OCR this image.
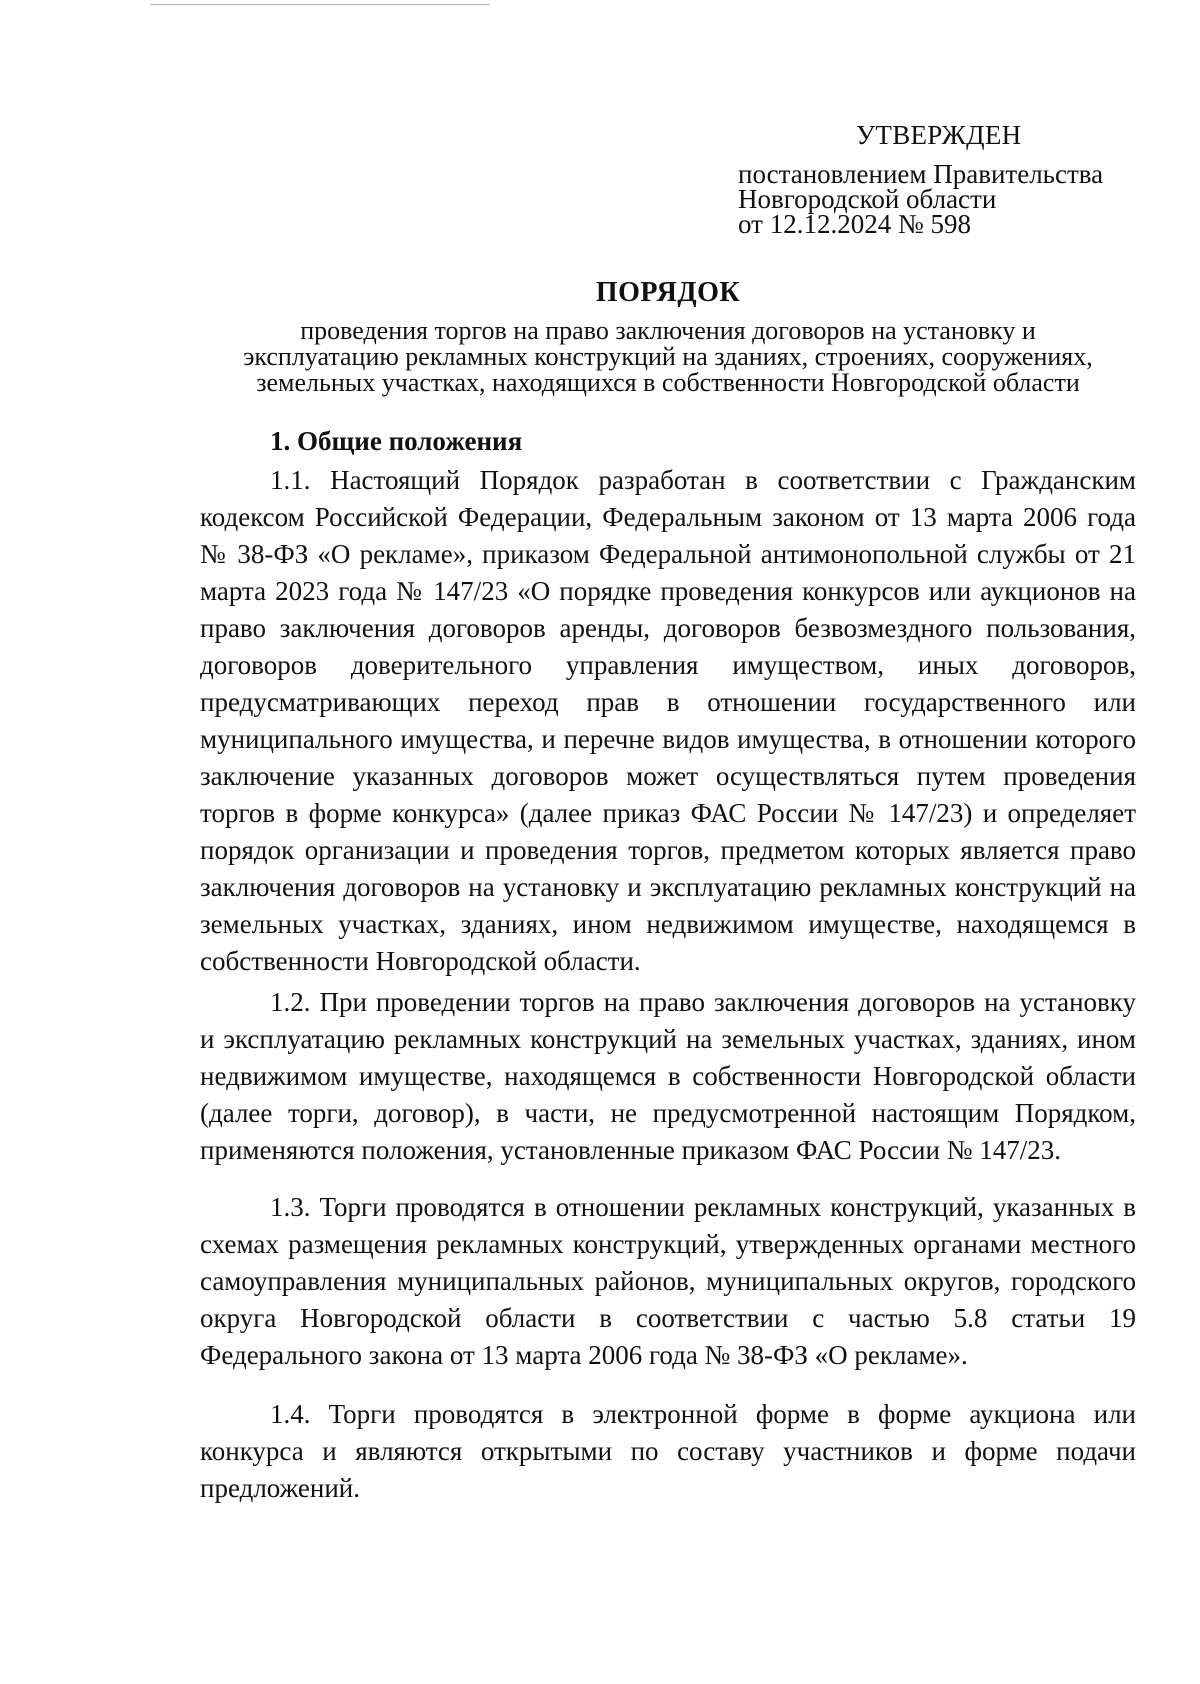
УТВЕРЖДЕН
постановлением Правительства
Новгородской области
от 12.12.2024 № 598
ПОРЯДОК
проведения торгов на право заключения договоров на установку и
эксплуатацию рекламных конструкций на зданиях, строениях, сооружениях,
земельных участках, находящихся в собственности Новгородской области
1. Общие положения

1.1. Настоящий Порядок разработан в соответствии с Гражданским кодексом Российской Федерации, Федеральным законом от 13 марта 2006 года № 38-ФЗ «О рекламе», приказом Федеральной антимонопольной службы от 21 марта 2023 года № 147/23 «О порядке проведения конкурсов или аукционов на право заключения договоров аренды, договоров безвозмездного пользования, договоров доверительного управления имуществом, иных договоров, предусматривающих переход прав в отношении государственного или муниципального имущества, и перечне видов имущества, в отношении которого заключение указанных договоров может осуществляться путем проведения торгов в форме конкурса» (далее приказ ФАС России № 147/23) и определяет порядок организации и проведения торгов, предметом которых является право заключения договоров на установку и эксплуатацию рекламных конструкций на земельных участках, зданиях, ином недвижимом имуществе, находящемся в собственности Новгородской области.

1.2. При проведении торгов на право заключения договоров на установку и эксплуатацию рекламных конструкций на земельных участках, зданиях, ином недвижимом имуществе, находящемся в собственности Новгородской области (далее торги, договор), в части, не предусмотренной настоящим Порядком, применяются положения, установленные приказом ФАС России № 147/23.

1.3. Торги проводятся в отношении рекламных конструкций, указанных в схемах размещения рекламных конструкций, утвержденных органами местного самоуправления муниципальных районов, муниципальных округов, городского округа Новгородской области в соответствии с частью 5.8 статьи 19 Федерального закона от 13 марта 2006 года № 38-ФЗ «О рекламе».

1.4. Торги проводятся в электронной форме в форме аукциона или конкурса и являются открытыми по составу участников и форме подачи предложений.
